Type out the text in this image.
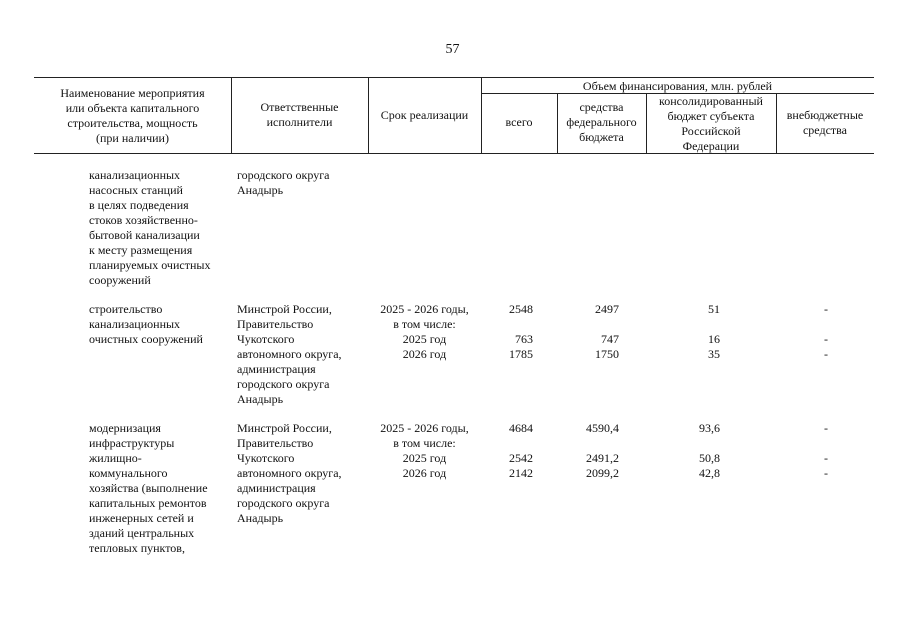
57
Наименование мероприятия
или объекта капитального
строительства, мощность
(при наличии)
Ответственные
исполнители	Срок реализации
Объем финансирования, млн. рублей
всего
средства
федерального
бюджета
консолидированный
бюджет субъекта
Российской
Федерации
внебюджетные
средства
канализационных
насосных станций
в целях подведения
стоков хозяйственно-
бытовой канализации
к месту размещения
планируемых очистных
сооружений
городского округа
Анадырь
строительство
канализационных
очистных сооружений
Минстрой России,
Правительство
Чукотского
автономного округа,
администрация
городского округа
Анадырь
2025 - 2026 годы,
в том числе:
2025 год
2026 год
2548

763
1785
2497

747
1750
51

16
35
-

-
-
модернизация
инфраструктуры
жилищно-
коммунального
хозяйства (выполнение
капитальных ремонтов
инженерных сетей и
зданий центральных
тепловых пунктов,
Минстрой России,
Правительство
Чукотского
автономного округа,
администрация
городского округа
Анадырь
2025 - 2026 годы,
в том числе:
2025 год
2026 год
4684

2542
2142
4590,4

2491,2
2099,2
93,6

50,8
42,8
-

-
-
